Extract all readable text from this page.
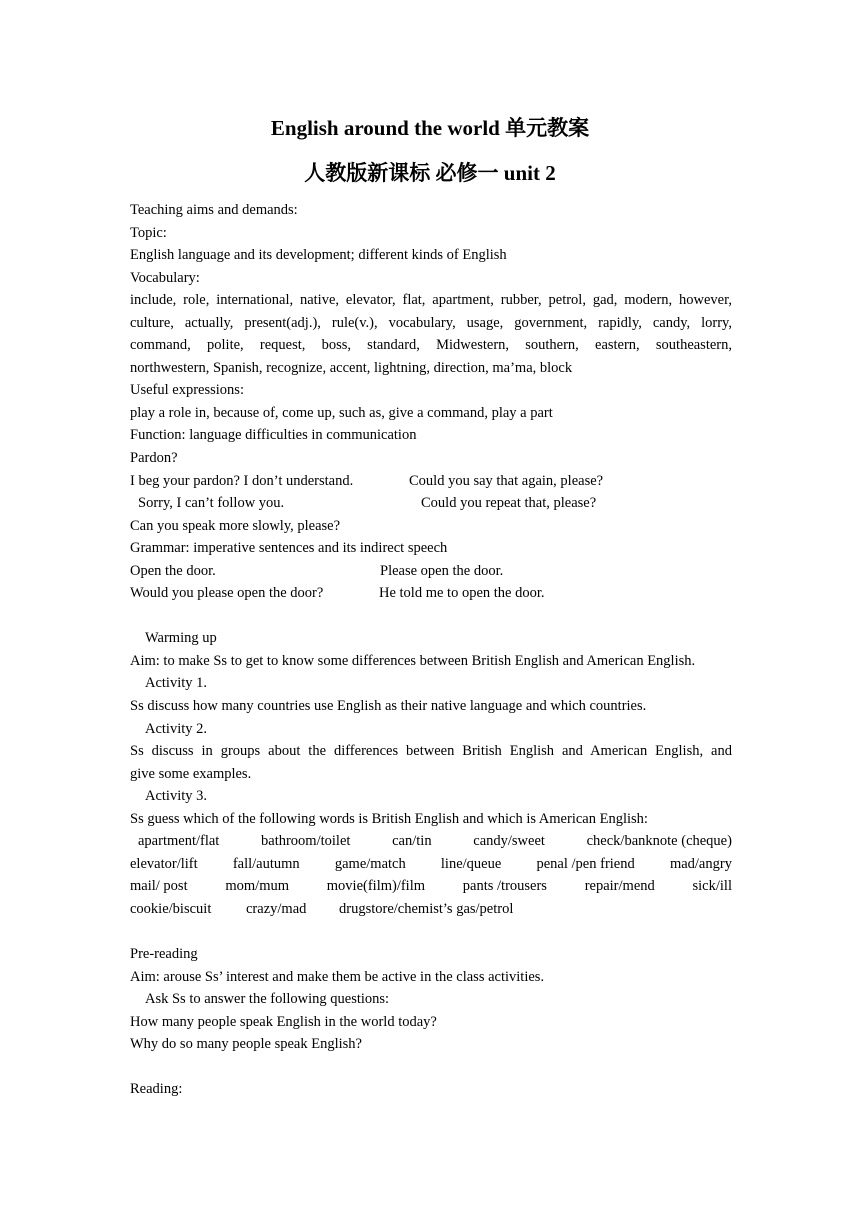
English around the world 单元教案
人教版新课标 必修一 unit 2
Teaching aims and demands:
Topic:
English language and its development; different kinds of English
Vocabulary:
include, role, international, native, elevator, flat, apartment, rubber, petrol, gad, modern, however,
culture, actually, present(adj.), rule(v.), vocabulary, usage, government, rapidly, candy, lorry,
command, polite, request, boss, standard, Midwestern, southern, eastern, southeastern,
northwestern, Spanish, recognize, accent, lightning, direction, ma’ma, block
Useful expressions:
play a role in, because of, come up, such as, give a command, play a part
Function: language difficulties in communication
Pardon?
I beg your pardon? I don’t understand.	Could you say that again, please?
Sorry, I can’t follow you.	Could you repeat that, please?
Can you speak more slowly, please?
Grammar: imperative sentences and its indirect speech
Open the door.	Please open the door.
Would you please open the door?	He told me to open the door.
Warming up
Aim: to make Ss to get to know some differences between British English and American English.
Activity 1.
Ss discuss how many countries use English as their native language and which countries.
Activity 2.
Ss discuss in groups about the differences between British English and American English, and
give some examples.
Activity 3.
Ss guess which of the following words is British English and which is American English:
apartment/flat	bathroom/toilet	can/tin	candy/sweet	check/banknote (cheque)
elevator/lift fall/autumn game/match line/queue penal /pen friend mad/angry
mail/ post	mom/mum	movie(film)/film	pants /trousers	repair/mend	sick/ill
cookie/biscuit crazy/mad drugstore/chemist’s gas/petrol
Pre-reading
Aim: arouse Ss’ interest and make them be active in the class activities.
Ask Ss to answer the following questions:
How many people speak English in the world today?
Why do so many people speak English?
Reading:
